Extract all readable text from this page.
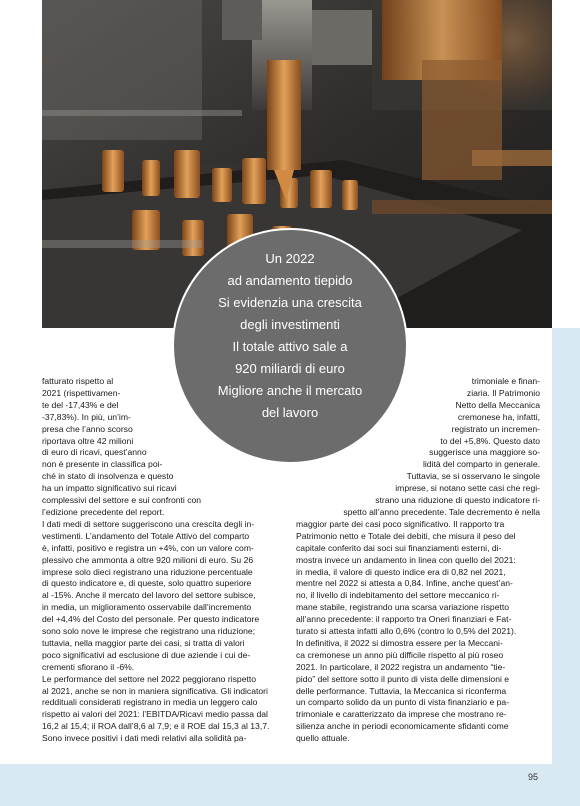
95
fatturato rispetto al
2021 (rispettivamen-
te del -17,43% e del
-37,83%). In più, un’im-
presa che l’anno scorso
riportava oltre 42 milioni
di euro di ricavi, quest’anno
non è presente in classifica poi-
ché in stato di insolvenza e questo
ha un impatto significativo sui ricavi
complessivi del settore e sui confronti con
l’edizione precedente del report.
I dati medi di settore suggeriscono una crescita degli in-
vestimenti. L’andamento del Totale Attivo del comparto
è, infatti, positivo e registra un +4%, con un valore com-
plessivo che ammonta a oltre 920 milioni di euro. Su 26
imprese solo dieci registrano una riduzione percentuale
di questo indicatore e, di queste, solo quattro superiore
al -15%. Anche il mercato del lavoro del settore subisce,
in media, un miglioramento osservabile dall’incremento
del +4,4% del Costo del personale. Per questo indicatore
sono solo nove le imprese che registrano una riduzione;
tuttavia, nella maggior parte dei casi, si tratta di valori
poco significativi ad esclusione di due aziende i cui de-
crementi sfiorano il -6%.
Le performance del settore nel 2022 peggiorano rispetto
al 2021, anche se non in maniera significativa. Gli indicatori
reddituali considerati registrano in media un leggero calo
rispetto ai valori del 2021: l’EBITDA/Ricavi medio passa dal
16,2 al 15,4; il ROA dall’8,6 al 7,9; e il ROE dal 15,3 al 13,7.
Sono invece positivi i dati medi relativi alla solidità pa-
trimoniale e finan-
ziaria. Il Patrimonio
Netto della Meccanica
cremonese ha, infatti,
registrato un incremen-
to del +5,8%. Questo dato
suggerisce una maggiore so-
lidità del comparto in generale.
Tuttavia, se si osservano le singole
imprese, si notano sette casi che regi-
strano una riduzione di questo indicatore ri-
spetto all’anno precedente. Tale decremento è nella
maggior parte dei casi poco significativo. Il rapporto tra
Patrimonio netto e Totale dei debiti, che misura il peso del
capitale conferito dai soci sui finanziamenti esterni, di-
mostra invece un andamento in linea con quello del 2021:
in media, il valore di questo indice era di 0,82 nel 2021,
mentre nel 2022 si attesta a 0,84. Infine, anche quest’an-
no, il livello di indebitamento del settore meccanico ri-
mane stabile, registrando una scarsa variazione rispetto
all’anno precedente: il rapporto tra Oneri finanziari e Fat-
turato si attesta infatti allo 0,6% (contro lo 0,5% del 2021).
In definitiva, il 2022 si dimostra essere per la Meccani-
ca cremonese un anno più difficile rispetto al più roseo
2021. In particolare, il 2022 registra un andamento “tie-
pido” del settore sotto il punto di vista delle dimensioni e
delle performance. Tuttavia, la Meccanica si riconferma
un comparto solido da un punto di vista finanziario e pa-
trimoniale e caratterizzato da imprese che mostrano re-
silienza anche in periodi economicamente sfidanti come
quello attuale.
Un 2022
ad andamento tiepido
Si evidenzia una crescita
degli investimenti
Il totale attivo sale a
920 miliardi di euro
Migliore anche il mercato
del lavoro
